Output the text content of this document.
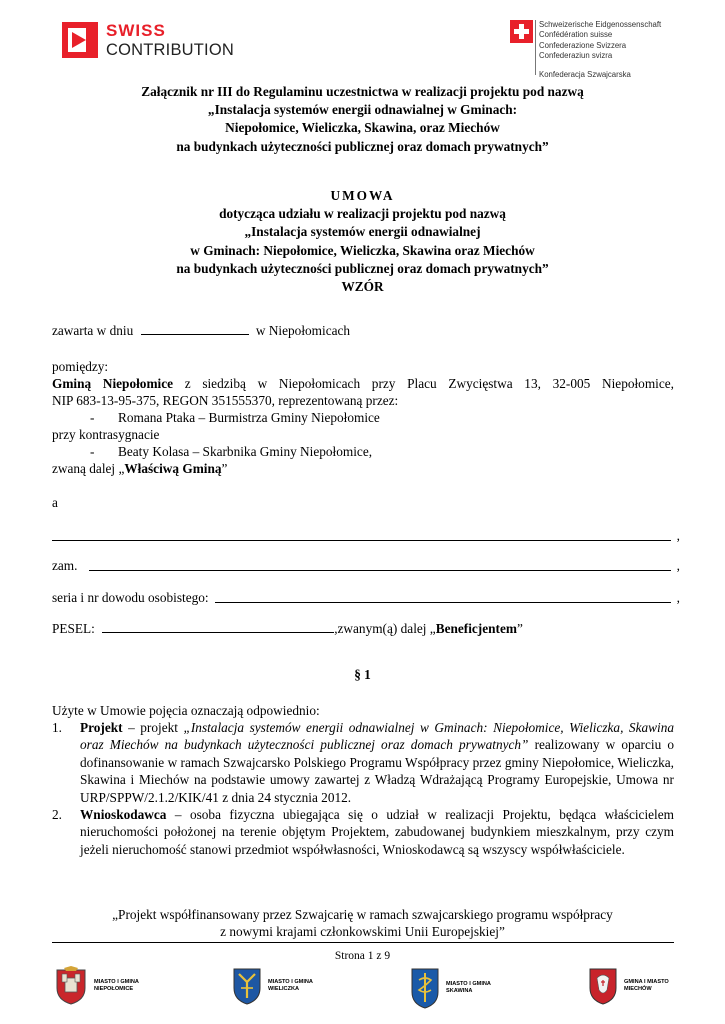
SWISS
CONTRIBUTION
Schweizerische Eidgenossenschaft
Confédération suisse
Confederazione Svizzera
Confederaziun svizra
Konfederacja Szwajcarska
Załącznik nr III do Regulaminu uczestnictwa w realizacji projektu pod nazwą
„Instalacja systemów energii odnawialnej w Gminach:
Niepołomice, Wieliczka, Skawina, oraz Miechów
na budynkach użyteczności publicznej oraz domach prywatnych”
UMOWA
dotycząca udziału w realizacji projektu pod nazwą
„Instalacja systemów energii odnawialnej
w Gminach: Niepołomice, Wieliczka, Skawina oraz Miechów
na budynkach użyteczności publicznej oraz domach prywatnych”
WZÓR
zawarta w dniu	w Niepołomicach
pomiędzy:
Gminą Niepołomice z siedzibą w Niepołomicach przy Placu Zwycięstwa 13, 32-005 Niepołomice,
NIP 683-13-95-375, REGON 351555370, reprezentowaną przez:
- Romana Ptaka – Burmistrza Gminy Niepołomice
przy kontrasygnacie
- Beaty Kolasa – Skarbnika Gminy Niepołomice,
zwaną dalej „Właściwą Gminą”
a
,
zam.	,
seria i nr dowodu osobistego:	,
PESEL:	,zwanym(ą) dalej „Beneficjentem”
§ 1
Użyte w Umowie pojęcia oznaczają odpowiednio:
1. Projekt – projekt „Instalacja systemów energii odnawialnej w Gminach: Niepołomice, Wieliczka, Skawina oraz Miechów na budynkach użyteczności publicznej oraz domach prywatnych” realizowany w oparciu o dofinansowanie w ramach Szwajcarsko Polskiego Programu Współpracy przez gminy Niepołomice, Wieliczka, Skawina i Miechów na podstawie umowy zawartej z Władzą Wdrażającą Programy Europejskie, Umowa nr URP/SPPW/2.1.2/KIK/41 z dnia 24 stycznia 2012.
2. Wnioskodawca – osoba fizyczna ubiegająca się o udział w realizacji Projektu, będąca właścicielem nieruchomości położonej na terenie objętym Projektem, zabudowanej budynkiem mieszkalnym, przy czym jeżeli nieruchomość stanowi przedmiot współwłasności, Wnioskodawcą są wszyscy współwłaściciele.
„Projekt współfinansowany przez Szwajcarię w ramach szwajcarskiego programu współpracy
z nowymi krajami członkowskimi Unii Europejskiej”
Strona 1 z 9
MIASTO I GMINA
NIEPOŁOMICE
MIASTO I GMINA
WIELICZKA
MIASTO I GMINA
SKAWINA
GMINA I MIASTO
MIECHÓW
